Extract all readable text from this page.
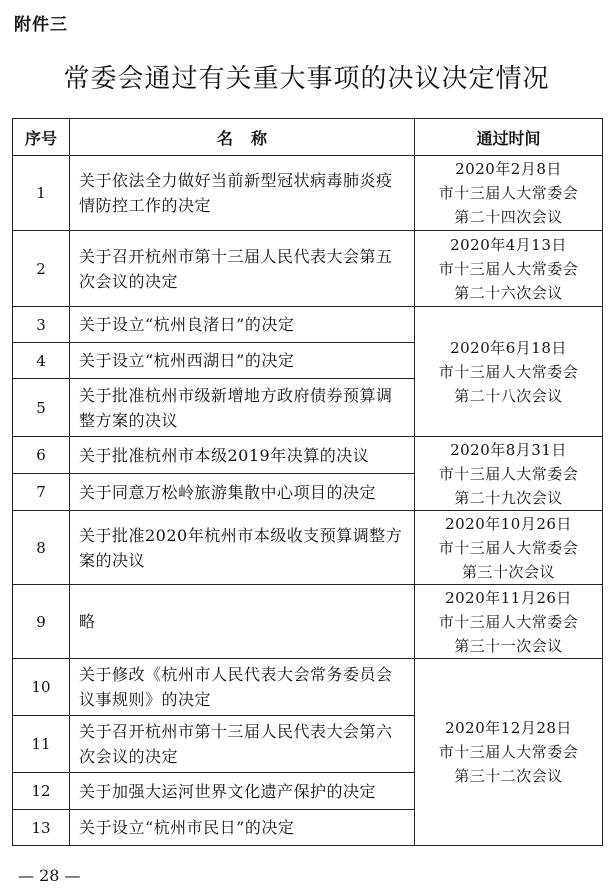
附件三
常委会通过有关重大事项的决议决定情况
序号	名 称	通过时间
1	关于依法全力做好当前新型冠状病毒肺炎疫情防控工作的决定	2020年2月8日
市十三届人大常委会
第二十四次会议

2	关于召开杭州市第十三届人民代表大会第五次会议的决定	2020年4月13日
市十三届人大常委会
第二十六次会议

3	关于设立“杭州良渚日”的决定	2020年6月18日
市十三届人大常委会
第二十八次会议

4	关于设立“杭州西湖日”的决定	
5	关于批准杭州市级新增地方政府债券预算调整方案的决议	
6	关于批准杭州市本级2019年决算的决议	2020年8月31日
市十三届人大常委会
第二十九次会议

7	关于同意万松岭旅游集散中心项目的决定	
8	关于批准2020年杭州市本级收支预算调整方案的决议	2020年10月26日
市十三届人大常委会
第三十次会议

9	略	2020年11月26日
市十三届人大常委会
第三十一次会议

10	关于修改《杭州市人民代表大会常务委员会议事规则》的决定	2020年12月28日
市十三届人大常委会
第三十二次会议

11	关于召开杭州市第十三届人民代表大会第六次会议的决定	
12	关于加强大运河世界文化遗产保护的决定	
13	关于设立“杭州市民日”的决定	
— 28 —
